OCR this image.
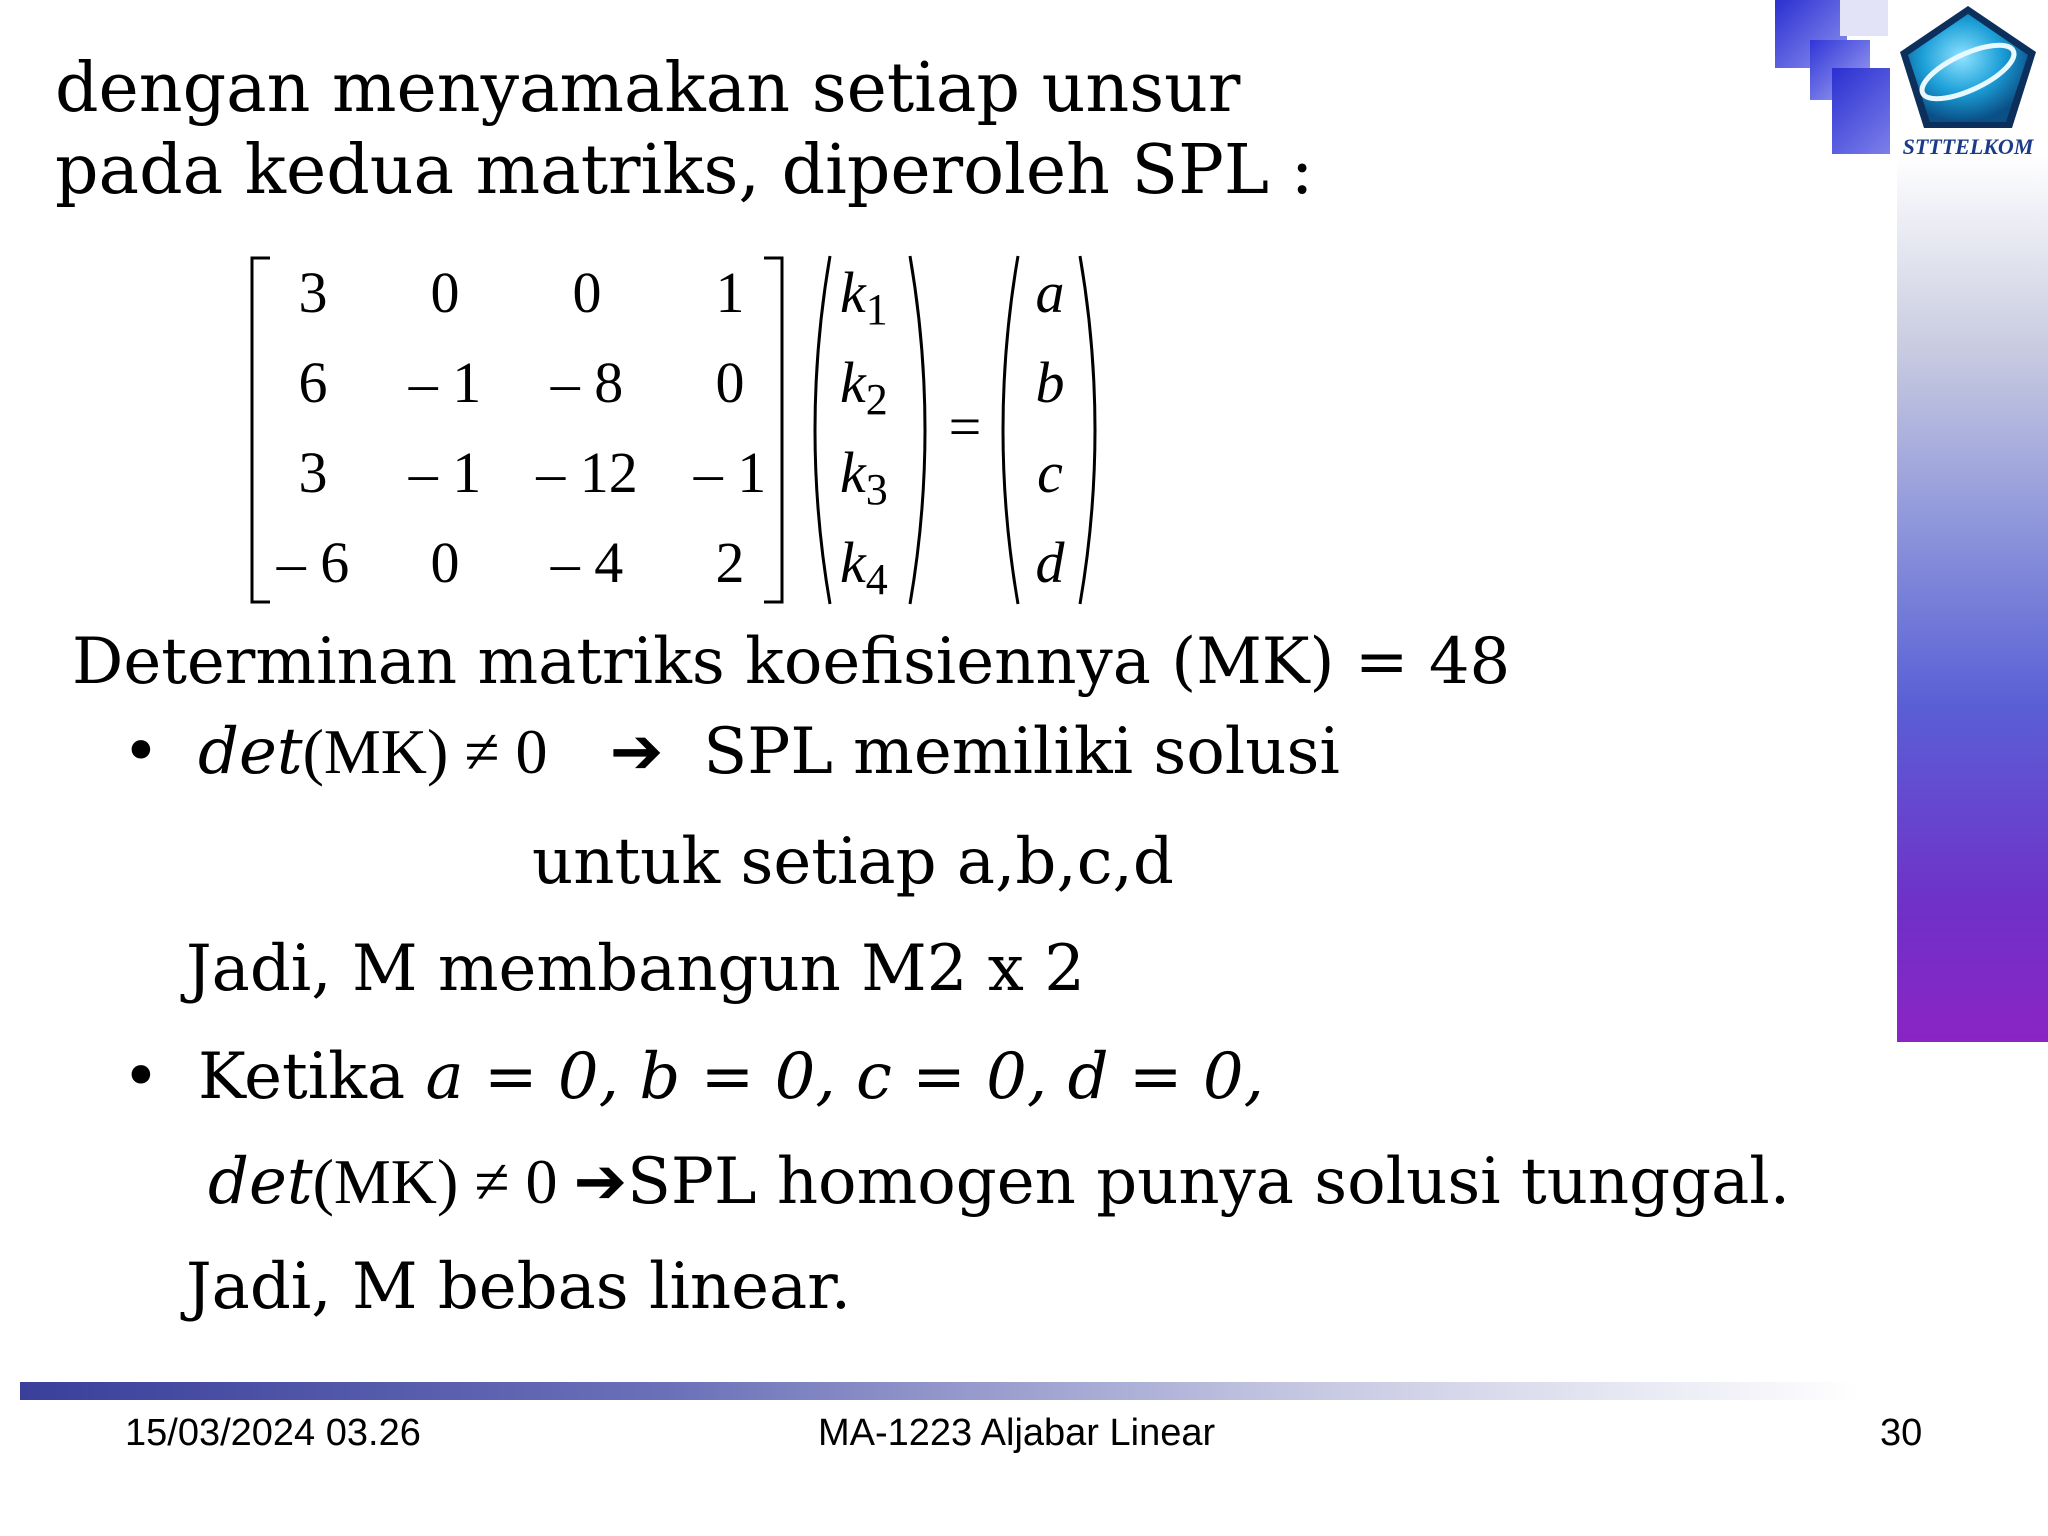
STTTELKOM
dengan menyamakan setiap unsur
pada kedua matriks, diperoleh SPL :
3 0 0 1
6 – 1 – 8 0
3 – 1 – 12 – 1
– 6 0 – 4 2
$k_1$
$k_2$
$k_3$
$k_4$
=
a
b
c
d
Determinan matriks koefisiennya (MK) = 48
• det(MK) ≠ 0 ➔ SPL memiliki solusi
untuk setiap a,b,c,d
Jadi, M membangun M2 x 2
• Ketika a = 0, b = 0, c = 0, d = 0,
det(MK) ≠ 0 ➔SPL homogen punya solusi tunggal.
Jadi, M bebas linear.
15/03/2024 03.26	MA-1223 Aljabar Linear	30
